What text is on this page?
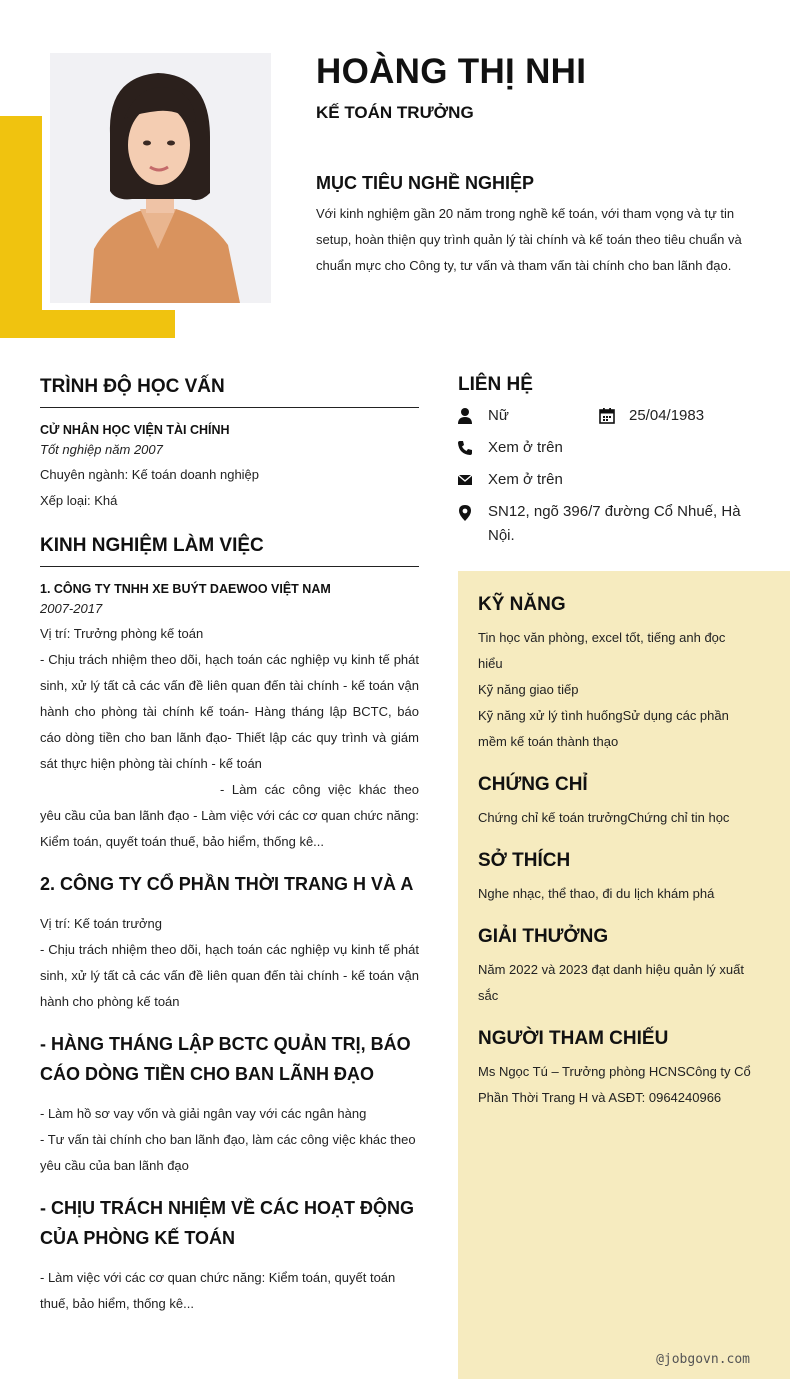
HOÀNG THỊ NHI
KẾ TOÁN TRƯỞNG
MỤC TIÊU NGHỀ NGHIỆP
Với kinh nghiệm gần 20 năm trong nghề kế toán, với tham vọng và tự tin setup, hoàn thiện quy trình quản lý tài chính và kế toán theo tiêu chuẩn và chuẩn mực cho Công ty, tư vấn và tham vấn tài chính cho ban lãnh đạo.
TRÌNH ĐỘ HỌC VẤN
CỬ NHÂN HỌC VIỆN TÀI CHÍNH
Tốt nghiệp năm 2007
Chuyên ngành: Kế toán doanh nghiệp
Xếp loại: Khá
KINH NGHIỆM LÀM VIỆC
1. CÔNG TY TNHH XE BUÝT DAEWOO VIỆT NAM
2007-2017
Vị trí: Trưởng phòng kế toán
- Chịu trách nhiệm theo dõi, hạch toán các nghiệp vụ kinh tế phát sinh, xử lý tất cả các vấn đề liên quan đến tài chính - kế toán vận hành cho phòng tài chính kế toán- Hàng tháng lập BCTC, báo cáo dòng tiền cho ban lãnh đạo- Thiết lập các quy trình và giám sát thực hiện phòng tài chính - kế toán
- Làm các công việc khác theo yêu cầu của ban lãnh đạo - Làm việc với các cơ quan chức năng: Kiểm toán, quyết toán thuế, bảo hiểm, thống kê...
2. CÔNG TY CỔ PHẦN THỜI TRANG H VÀ A
Vị trí: Kế toán trưởng
- Chịu trách nhiệm theo dõi, hạch toán các nghiệp vụ kinh tế phát sinh, xử lý tất cả các vấn đề liên quan đến tài chính - kế toán vận hành cho phòng kế toán
- HÀNG THÁNG LẬP BCTC QUẢN TRỊ, BÁO CÁO DÒNG TIỀN CHO BAN LÃNH ĐẠO
- Làm hồ sơ vay vốn và giải ngân vay với các ngân hàng
- Tư vấn tài chính cho ban lãnh đạo, làm các công việc khác theo yêu cầu của ban lãnh đạo
- CHỊU TRÁCH NHIỆM VỀ CÁC HOẠT ĐỘNG CỦA PHÒNG KẾ TOÁN
- Làm việc với các cơ quan chức năng: Kiểm toán, quyết toán thuế, bảo hiểm, thống kê...
LIÊN HỆ
Nữ	25/04/1983
Xem ở trên
Xem ở trên
SN12, ngõ 396/7 đường Cổ Nhuế, Hà Nội.
KỸ NĂNG
Tin học văn phòng, excel tốt, tiếng anh đọc hiểu
Kỹ năng giao tiếp
Kỹ năng xử lý tình huốngSử dụng các phần mềm kế toán thành thạo
CHỨNG CHỈ
Chứng chỉ kế toán trưởngChứng chỉ tin học
SỞ THÍCH
Nghe nhạc, thể thao, đi du lịch khám phá
GIẢI THƯỞNG
Năm 2022 và 2023 đạt danh hiệu quản lý xuất sắc
NGƯỜI THAM CHIẾU
Ms Ngọc Tú – Trưởng phòng HCNSCông ty Cổ Phần Thời Trang H và ASĐT: 0964240966
@jobgovn.com
